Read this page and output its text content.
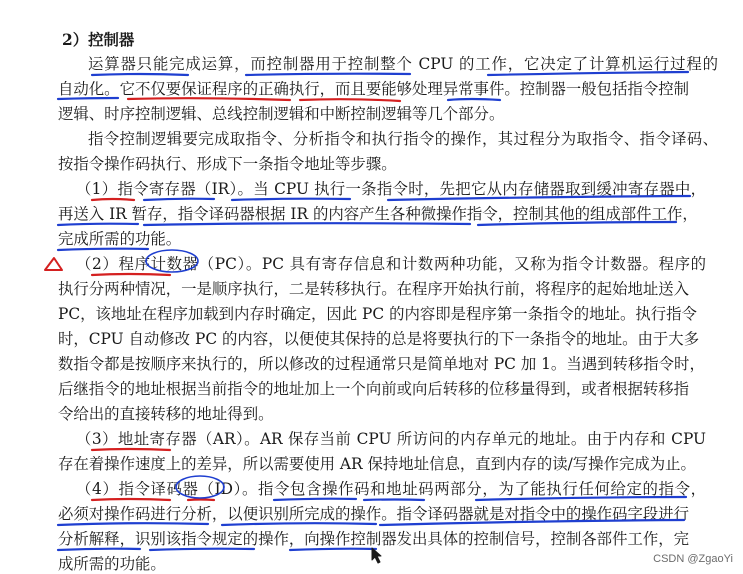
2）控制器
运算器只能完成运算，而控制器用于控制整个 CPU 的工作，它决定了计算机运行过程的
自动化。它不仅要保证程序的正确执行，而且要能够处理异常事件。控制器一般包括指令控制
逻辑、时序控制逻辑、总线控制逻辑和中断控制逻辑等几个部分。
指令控制逻辑要完成取指令、分析指令和执行指令的操作，其过程分为取指令、指令译码、
按指令操作码执行、形成下一条指令地址等步骤。
（1）指令寄存器（IR）。当 CPU 执行一条指令时，先把它从内存储器取到缓冲寄存器中，
再送入 IR 暂存，指令译码器根据 IR 的内容产生各种微操作指令，控制其他的组成部件工作，
完成所需的功能。
（2）程序计数器（PC）。PC 具有寄存信息和计数两种功能，又称为指令计数器。程序的
执行分两种情况，一是顺序执行，二是转移执行。在程序开始执行前，将程序的起始地址送入
PC，该地址在程序加载到内存时确定，因此 PC 的内容即是程序第一条指令的地址。执行指令
时，CPU 自动修改 PC 的内容，以便使其保持的总是将要执行的下一条指令的地址。由于大多
数指令都是按顺序来执行的，所以修改的过程通常只是简单地对 PC 加 1。当遇到转移指令时，
后继指令的地址根据当前指令的地址加上一个向前或向后转移的位移量得到，或者根据转移指
令给出的直接转移的地址得到。
（3）地址寄存器（AR）。AR 保存当前 CPU 所访问的内存单元的地址。由于内存和 CPU
存在着操作速度上的差异，所以需要使用 AR 保持地址信息，直到内存的读/写操作完成为止。
（4）指令译码器（ID）。指令包含操作码和地址码两部分，为了能执行任何给定的指令，
必须对操作码进行分析，以便识别所完成的操作。指令译码器就是对指令中的操作码字段进行
分析解释，识别该指令规定的操作，向操作控制器发出具体的控制信号，控制各部件工作，完
成所需的功能。	CSDN @ZgaoYi
